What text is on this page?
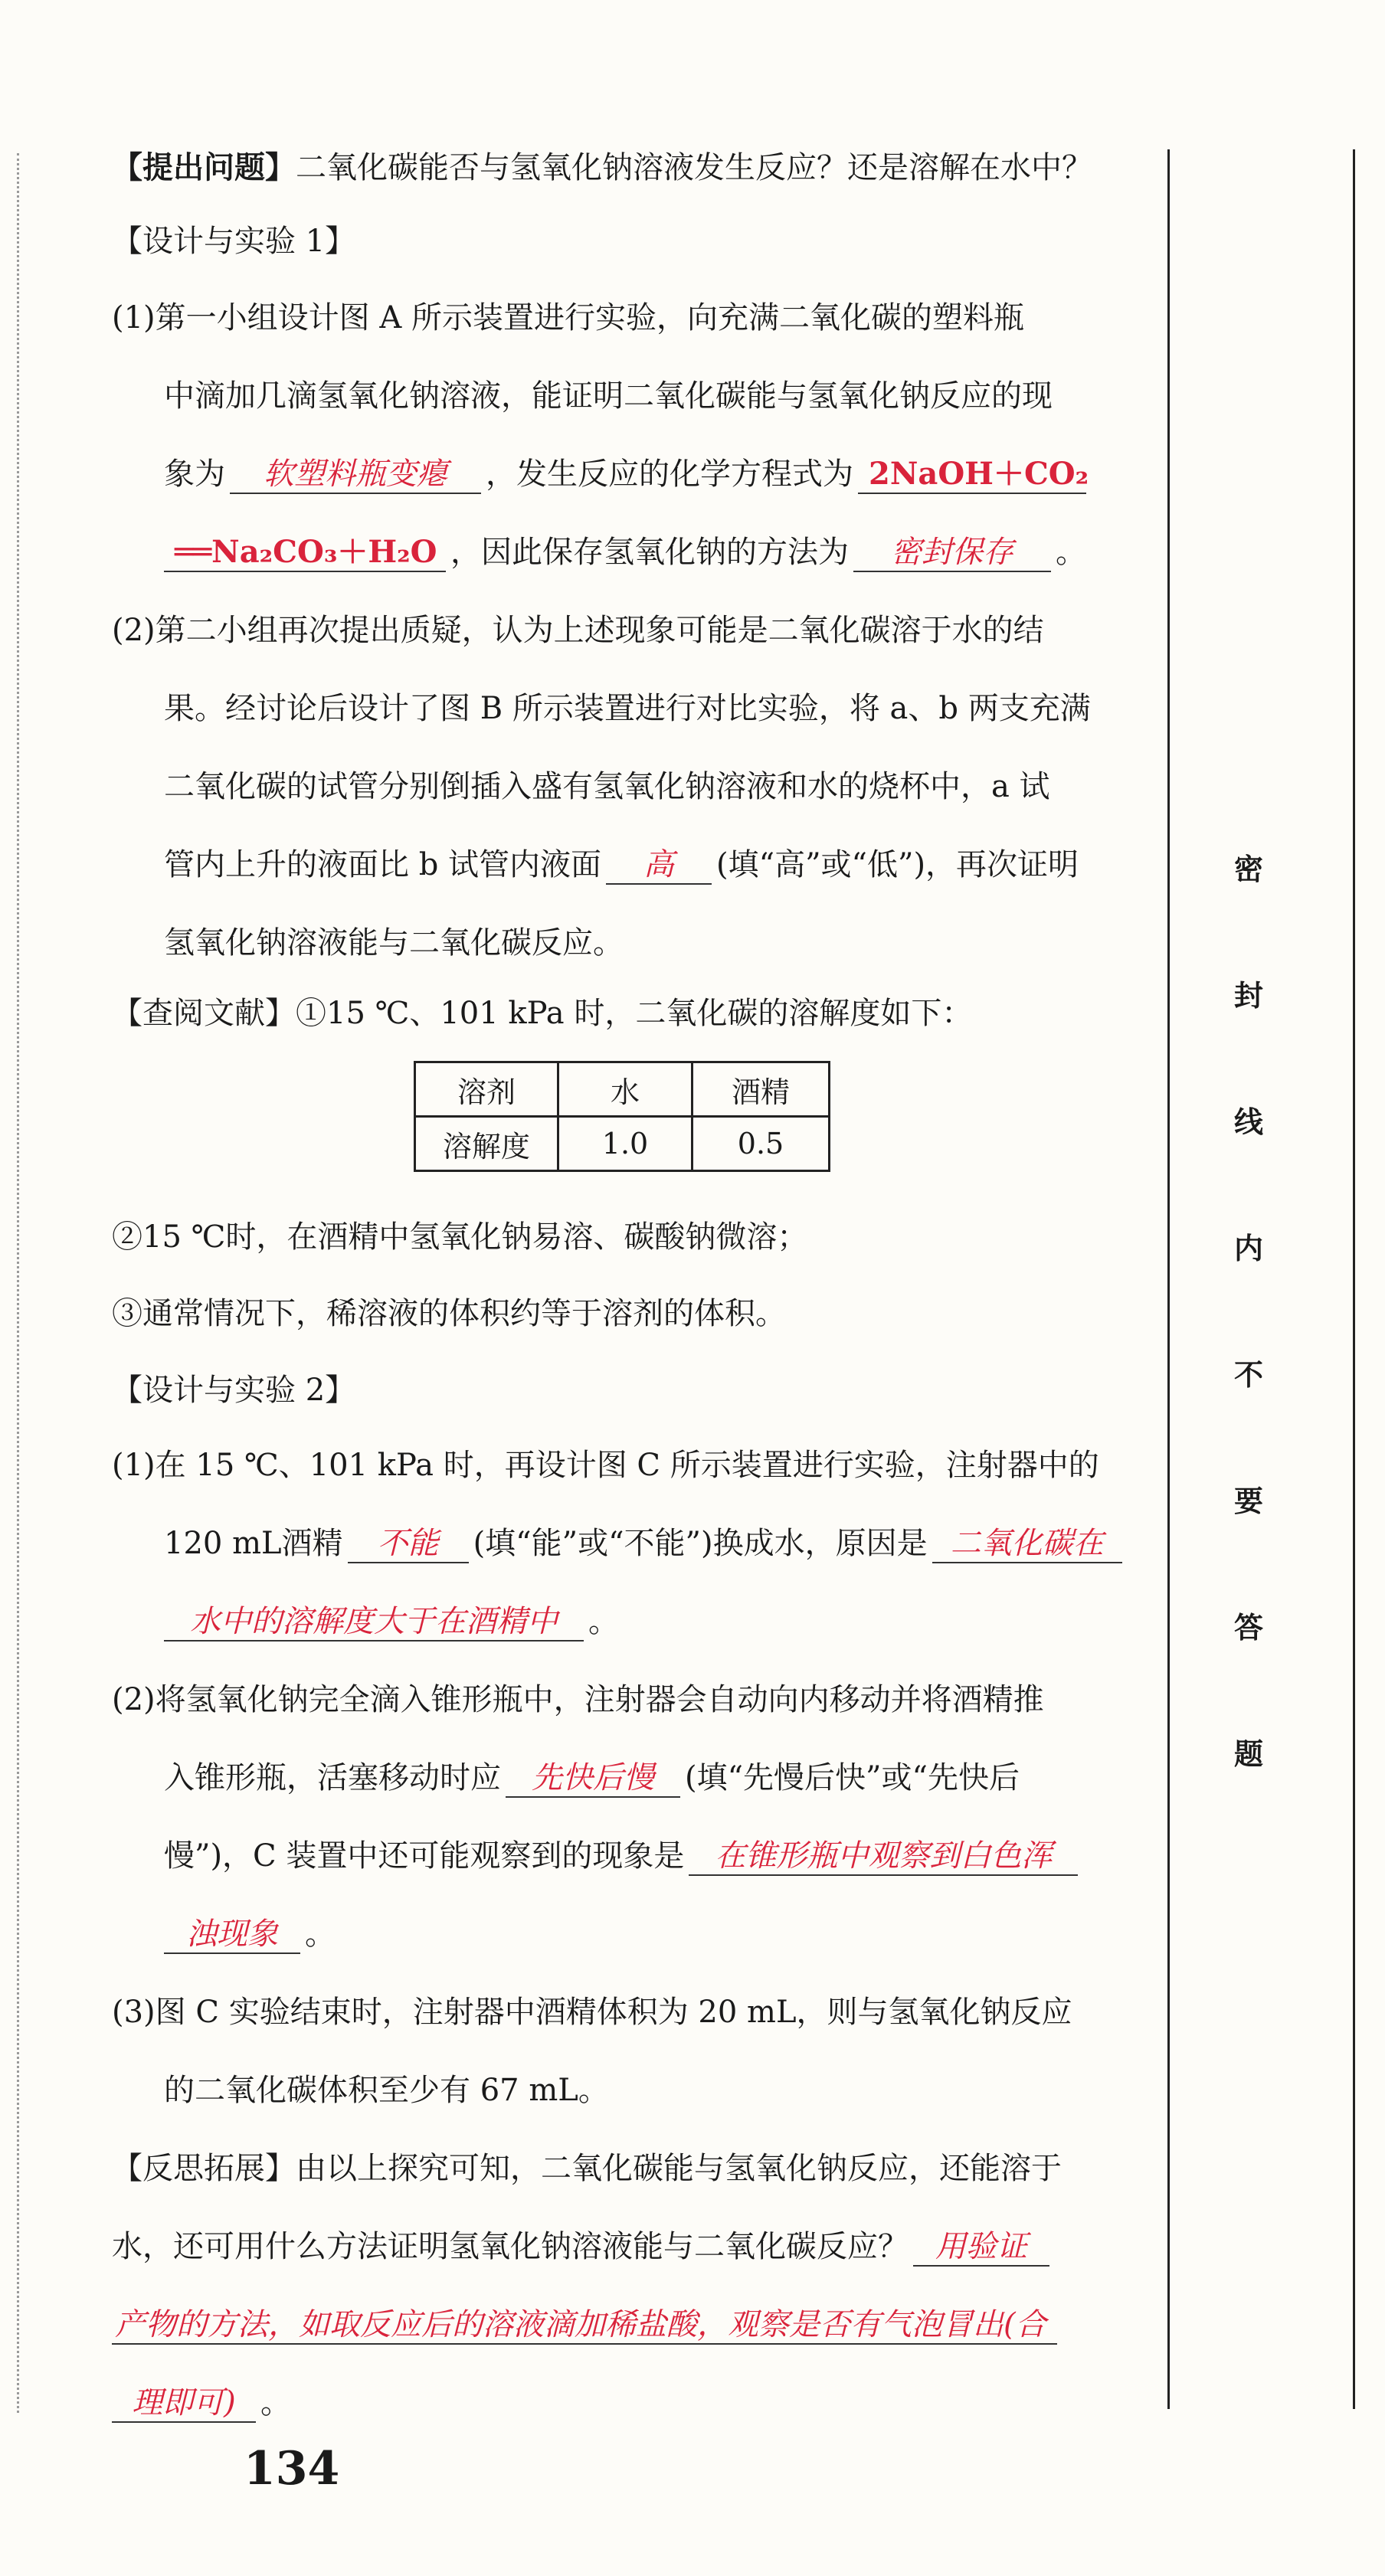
【提出问题】二氧化碳能否与氢氧化钠溶液发生反应？还是溶解在水中？
【设计与实验 1】
(1)第一小组设计图 A 所示装置进行实验，向充满二氧化碳的塑料瓶
中滴加几滴氢氧化钠溶液，能证明二氧化碳能与氢氧化钠反应的现
象为 软塑料瓶变瘪 ，发生反应的化学方程式为 2NaOH＋CO₂
══Na₂CO₃＋H₂O ，因此保存氢氧化钠的方法为 密封保存 。
(2)第二小组再次提出质疑，认为上述现象可能是二氧化碳溶于水的结
果。经讨论后设计了图 B 所示装置进行对比实验，将 a、b 两支充满
二氧化碳的试管分别倒插入盛有氢氧化钠溶液和水的烧杯中，a 试
管内上升的液面比 b 试管内液面 高 (填“高”或“低”)，再次证明
氢氧化钠溶液能与二氧化碳反应。
【查阅文献】①15 ℃、101 kPa 时，二氧化碳的溶解度如下：
溶剂	水	酒精
溶解度	1.0	0.5
②15 ℃时，在酒精中氢氧化钠易溶、碳酸钠微溶；
③通常情况下，稀溶液的体积约等于溶剂的体积。
【设计与实验 2】
(1)在 15 ℃、101 kPa 时，再设计图 C 所示装置进行实验，注射器中的
120 mL酒精 不能 (填“能”或“不能”)换成水，原因是 二氧化碳在
水中的溶解度大于在酒精中 。
(2)将氢氧化钠完全滴入锥形瓶中，注射器会自动向内移动并将酒精推
入锥形瓶，活塞移动时应 先快后慢 (填“先慢后快”或“先快后
慢”)，C 装置中还可能观察到的现象是 在锥形瓶中观察到白色浑
浊现象 。
(3)图 C 实验结束时，注射器中酒精体积为 20 mL，则与氢氧化钠反应
的二氧化碳体积至少有 67 mL。
【反思拓展】由以上探究可知，二氧化碳能与氢氧化钠反应，还能溶于
水，还可用什么方法证明氢氧化钠溶液能与二氧化碳反应？ 用验证
产物的方法，如取反应后的溶液滴加稀盐酸，观察是否有气泡冒出(合
理即可) 。
密
封
线
内
不
要
答
题
134
